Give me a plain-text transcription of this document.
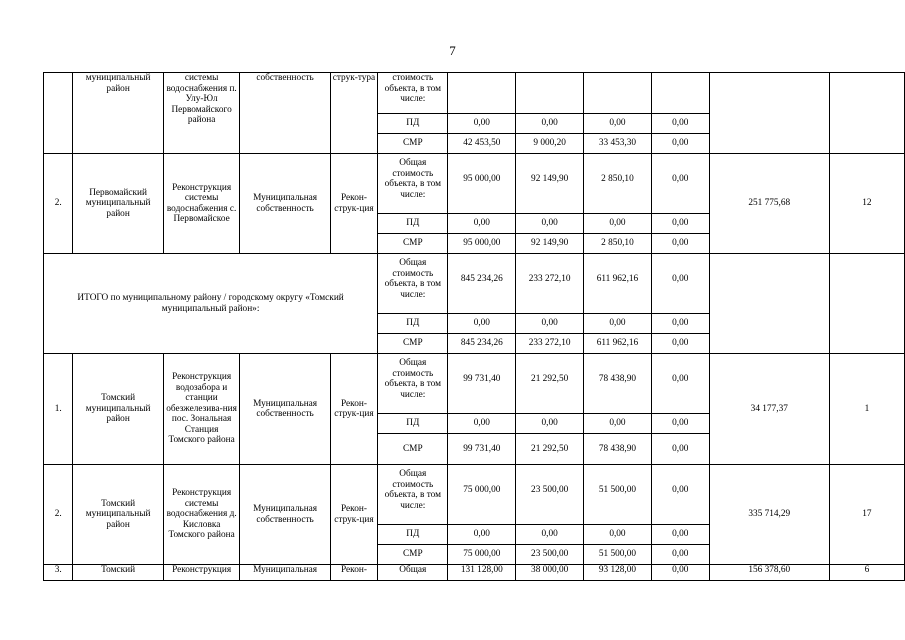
7
	муниципальный район	системы водоснабжения п. Улу-Юл Первомайского района	собственность	струк-тура	стоимость объекта, в том числе:						
					ПД	0,00	0,00	0,00	0,00		
					СМР	42 453,50	9 000,20	33 453,30	0,00		
2.	Первомайский муниципальный район	Реконструкция системы водоснабжения с. Первомайское	Муниципальная собственность	Рекон-струк-ция	Общая стоимость объекта, в том числе:	95 000,00	92 149,90	2 850,10	0,00	251 775,68	12
					ПД	0,00	0,00	0,00	0,00		
					СМР	95 000,00	92 149,90	2 850,10	0,00		
ИТОГО по муниципальному району / городскому округу «Томский муниципальный район»:					Общая стоимость объекта, в том числе:	845 234,26	233 272,10	611 962,16	0,00		
					ПД	0,00	0,00	0,00	0,00		
					СМР	845 234,26	233 272,10	611 962,16	0,00		
1.	Томский муниципальный район	Реконструкция водозабора и станции обезжелезива-ния пос. Зональная Станция Томского района	Муниципальная собственность	Рекон-струк-ция	Общая стоимость объекта, в том числе:	99 731,40	21 292,50	78 438,90	0,00	34 177,37	1
					ПД	0,00	0,00	0,00	0,00		
					СМР	99 731,40	21 292,50	78 438,90	0,00		
2.	Томский муниципальный район	Реконструкция системы водоснабжения д. Кисловка Томского района	Муниципальная собственность	Рекон-струк-ция	Общая стоимость объекта, в том числе:	75 000,00	23 500,00	51 500,00	0,00	335 714,29	17
					ПД	0,00	0,00	0,00	0,00		
					СМР	75 000,00	23 500,00	51 500,00	0,00		
3.	Томский	Реконструкция	Муниципальная	Рекон-	Общая	131 128,00	38 000,00	93 128,00	0,00	156 378,60	6
